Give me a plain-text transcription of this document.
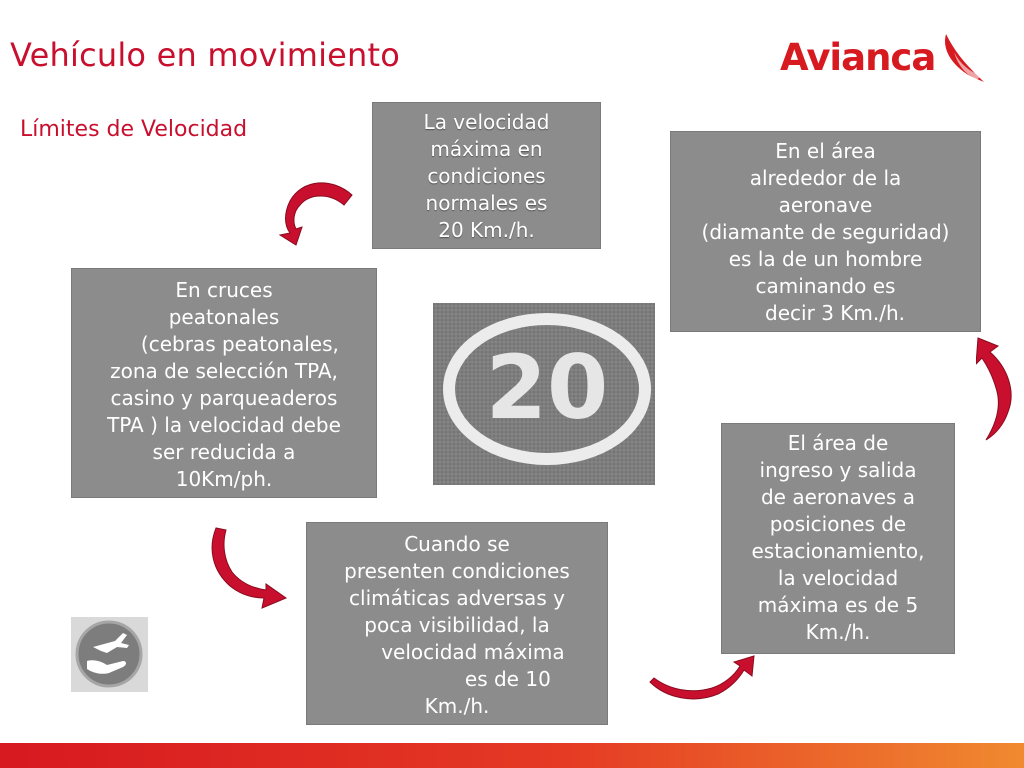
Vehículo en movimiento
Límites de Velocidad
Avianca
La velocidad
máxima en
condiciones
normales es
20 Km./h.
En el área
alrededor de la
aeronave
(diamante de seguridad)
es la de un hombre
caminando es
decir 3 Km./h.
En cruces
peatonales
(cebras peatonales,
zona de selección TPA,
casino y parqueaderos
TPA ) la velocidad debe
ser reducida a
10Km/ph.
Cuando se
presenten condiciones
climáticas adversas y
poca visibilidad, la
velocidad máxima
es de 10
Km./h.
El área de
ingreso y salida
de aeronaves a
posiciones de
estacionamiento,
la velocidad
máxima es de 5
Km./h.
20
